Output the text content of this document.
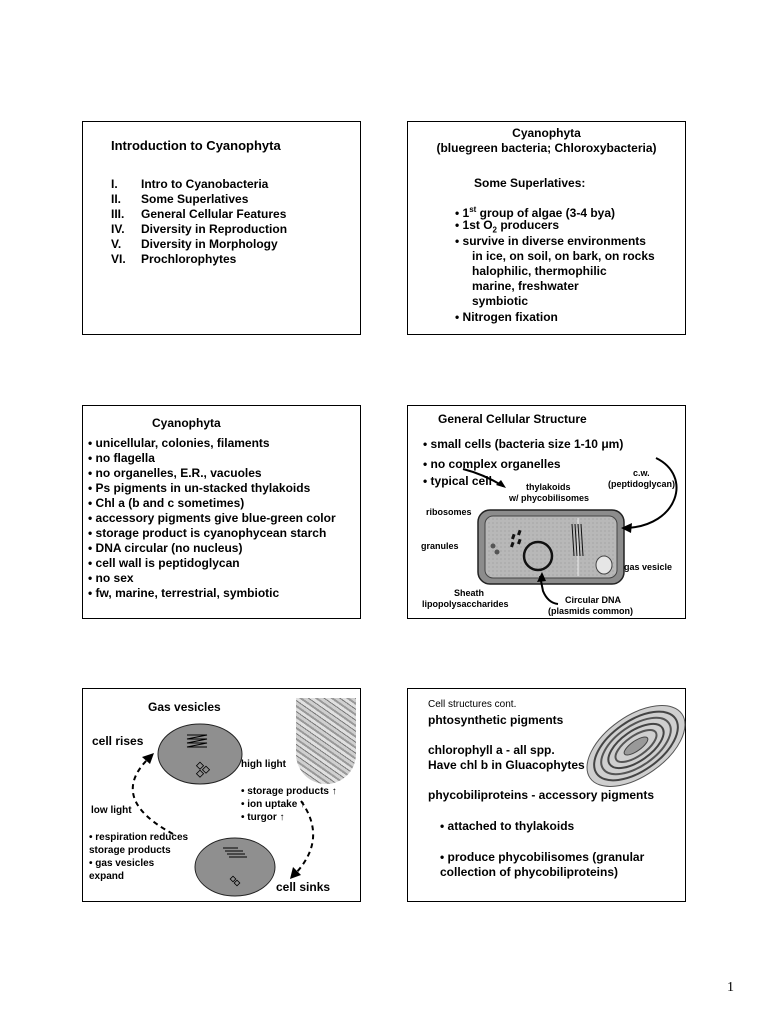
Introduction to Cyanophyta
I.	Intro to Cyanobacteria
II.	Some Superlatives
III.	General Cellular Features
IV.	Diversity in Reproduction
V.	Diversity in Morphology
VI.	Prochlorophytes
Cyanophyta
(bluegreen bacteria; Chloroxybacteria)
Some Superlatives:
• 1st group of algae (3-4 bya)
• 1st $O_2$ producers
• survive in diverse environments
in ice, on soil, on bark, on rocks
halophilic, thermophilic
marine, freshwater
symbiotic
• Nitrogen fixation
Cyanophyta
• unicellular, colonies, filaments
• no flagella
• no organelles, E.R., vacuoles
• Ps pigments in un-stacked thylakoids
• Chl a (b and c sometimes)
• accessory pigments give blue-green color
• storage product is cyanophycean starch
• DNA circular (no nucleus)
• cell wall is peptidoglycan
• no sex
• fw, marine, terrestrial, symbiotic
General Cellular Structure
• small cells (bacteria size 1-10 μm)
• no complex organelles
• typical cell
c.w.
(peptidoglycan)
thylakoids
w/ phycobilisomes
ribosomes
granules
gas vesicle
Sheath
lipopolysaccharides	Circular DNA
(plasmids common)
Gas vesicles
cell rises
high light
low light
• storage products ↑
• ion uptake ↑
• turgor ↑
• respiration reduces
storage products
• gas vesicles
expand
cell sinks
Cell structures cont.
phtosynthetic pigments
chlorophyll a - all spp.
Have chl b in Gluacophytes
phycobiliproteins - accessory pigments
• attached to thylakoids
• produce phycobilisomes (granular
collection of phycobiliproteins)
1
